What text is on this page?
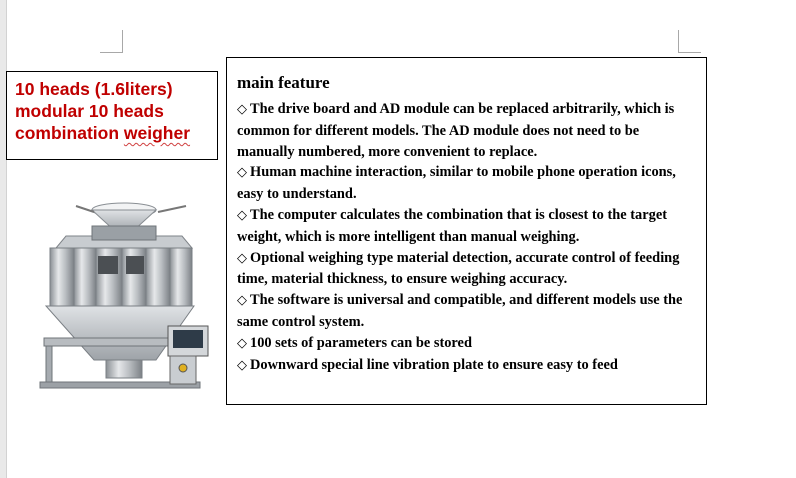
10 heads (1.6liters)
modular 10 heads
combination weigher
main feature

◇ The drive board and AD module can be replaced arbitrarily, which is common for different models. The AD module does not need to be manually numbered, more convenient to replace.

◇ Human machine interaction, similar to mobile phone operation icons, easy to understand.

◇ The computer calculates the combination that is closest to the target weight, which is more intelligent than manual weighing.

◇ Optional weighing type material detection, accurate control of feeding time, material thickness, to ensure weighing accuracy.

◇ The software is universal and compatible, and different models use the same control system.

◇ 100 sets of parameters can be stored

◇ Downward special line vibration plate to ensure easy to feed
